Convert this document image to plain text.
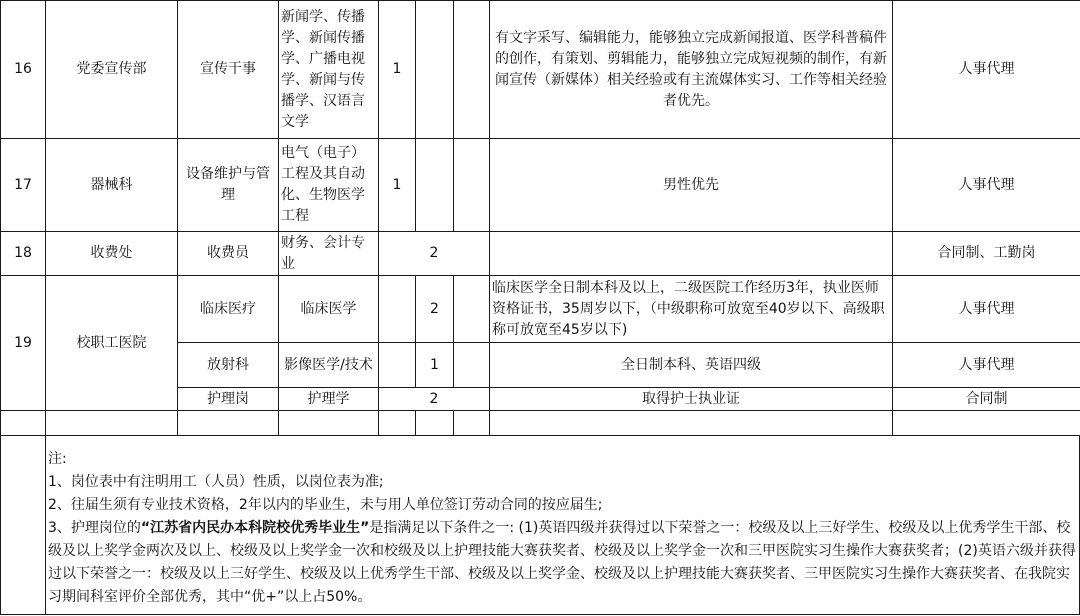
16	党委宣传部	宣传干事	新闻学、传播学、新闻传播学、广播电视学、新闻与传播学、汉语言文学	1			有文字采写、编辑能力，能够独立完成新闻报道、医学科普稿件的创作，有策划、剪辑能力，能够独立完成短视频的制作，有新闻宣传（新媒体）相关经验或有主流媒体实习、工作等相关经验者优先。	人事代理
17	器械科	设备维护与管理	电气（电子）工程及其自动化、生物医学工程	1			男性优先	人事代理
18	收费处	收费员	财务、会计专业	2				合同制、工勤岗
19	校职工医院	临床医疗	临床医学		2		临床医学全日制本科及以上，二级医院工作经历3年，执业医师资格证书，35周岁以下，（中级职称可放宽至40岁以下、高级职称可放宽至45岁以下)	人事代理
		放射科	影像医学/技术		1		全日制本科、英语四级	人事代理
		护理岗	护理学	2			取得护士执业证	合同制

注:
1、岗位表中有注明用工（人员）性质，以岗位表为准;
2、往届生须有专业技术资格，2年以内的毕业生，未与用人单位签订劳动合同的按应届生;
3、护理岗位的“江苏省内民办本科院校优秀毕业生”是指满足以下条件之一: (1)英语四级并获得过以下荣誉之一：校级及以上三好学生、校级及以上优秀学生干部、校级及以上奖学金两次及以上、校级及以上奖学金一次和校级及以上护理技能大赛获奖者、校级及以上奖学金一次和三甲医院实习生操作大赛获奖者；(2)英语六级并获得过以下荣誉之一：校级及以上三好学生、校级及以上优秀学生干部、校级及以上奖学金、校级及以上护理技能大赛获奖者、三甲医院实习生操作大赛获奖者、在我院实习期间科室评价全部优秀，其中“优+”以上占50%。
